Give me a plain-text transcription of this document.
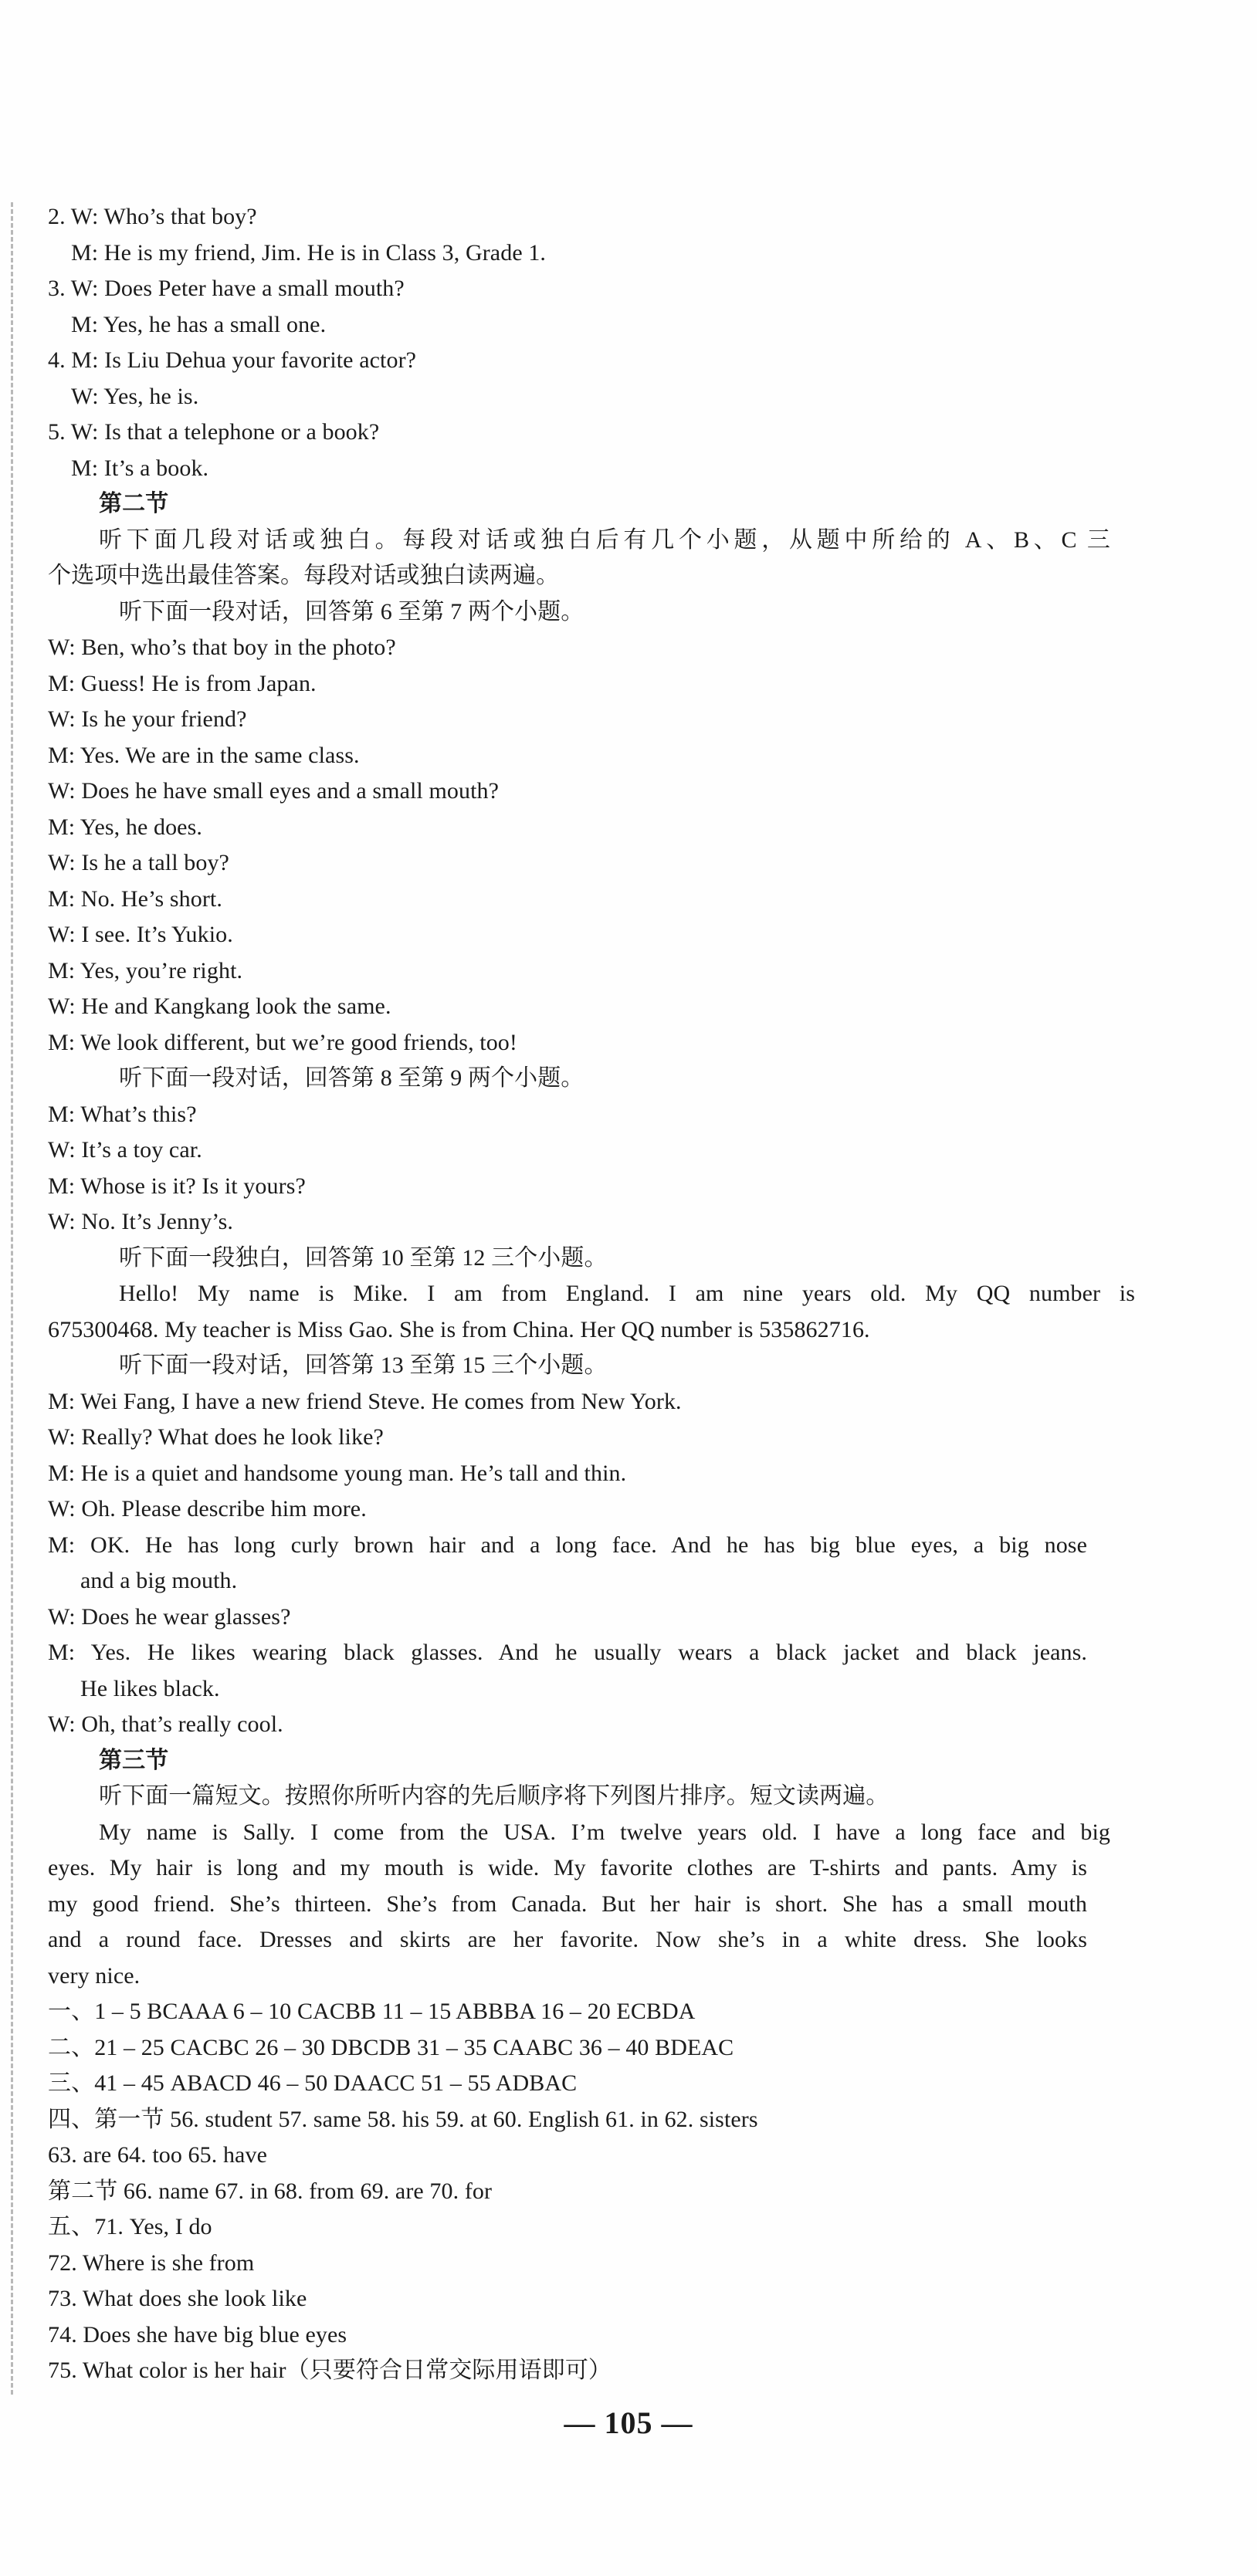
2. W: Who’s that boy?
M: He is my friend, Jim. He is in Class 3, Grade 1.
3. W: Does Peter have a small mouth?
M: Yes, he has a small one.
4. M: Is Liu Dehua your favorite actor?
W: Yes, he is.
5. W: Is that a telephone or a book?
M: It’s a book.
第二节
听下面几段对话或独白。每段对话或独白后有几个小题，从题中所给的 A、B、C 三
个选项中选出最佳答案。每段对话或独白读两遍。
听下面一段对话，回答第 6 至第 7 两个小题。
W: Ben, who’s that boy in the photo?
M: Guess! He is from Japan.
W: Is he your friend?
M: Yes. We are in the same class.
W: Does he have small eyes and a small mouth?
M: Yes, he does.
W: Is he a tall boy?
M: No. He’s short.
W: I see. It’s Yukio.
M: Yes, you’re right.
W: He and Kangkang look the same.
M: We look different, but we’re good friends, too!
听下面一段对话，回答第 8 至第 9 两个小题。
M: What’s this?
W: It’s a toy car.
M: Whose is it? Is it yours?
W: No. It’s Jenny’s.
听下面一段独白，回答第 10 至第 12 三个小题。
Hello! My name is Mike. I am from England. I am nine years old. My QQ number is
675300468. My teacher is Miss Gao. She is from China. Her QQ number is 535862716.
听下面一段对话，回答第 13 至第 15 三个小题。
M: Wei Fang, I have a new friend Steve. He comes from New York.
W: Really? What does he look like?
M: He is a quiet and handsome young man. He’s tall and thin.
W: Oh. Please describe him more.
M: OK. He has long curly brown hair and a long face. And he has big blue eyes, a big nose
and a big mouth.
W: Does he wear glasses?
M: Yes. He likes wearing black glasses. And he usually wears a black jacket and black jeans.
He likes black.
W: Oh, that’s really cool.
第三节
听下面一篇短文。按照你所听内容的先后顺序将下列图片排序。短文读两遍。
My name is Sally. I come from the USA. I’m twelve years old. I have a long face and big
eyes. My hair is long and my mouth is wide. My favorite clothes are T-shirts and pants. Amy is
my good friend. She’s thirteen. She’s from Canada. But her hair is short. She has a small mouth
and a round face. Dresses and skirts are her favorite. Now she’s in a white dress. She looks
very nice.
一、1 – 5 BCAAA 6 – 10 CACBB 11 – 15 ABBBA 16 – 20 ECBDA
二、21 – 25 CACBC 26 – 30 DBCDB 31 – 35 CAABC 36 – 40 BDEAC
三、41 – 45 ABACD 46 – 50 DAACC 51 – 55 ADBAC
四、第一节 56. student 57. same 58. his 59. at 60. English 61. in 62. sisters
63. are 64. too 65. have
第二节 66. name 67. in 68. from 69. are 70. for
五、71. Yes, I do
72. Where is she from
73. What does she look like
74. Does she have big blue eyes
75. What color is her hair（只要符合日常交际用语即可）
— 105 —
